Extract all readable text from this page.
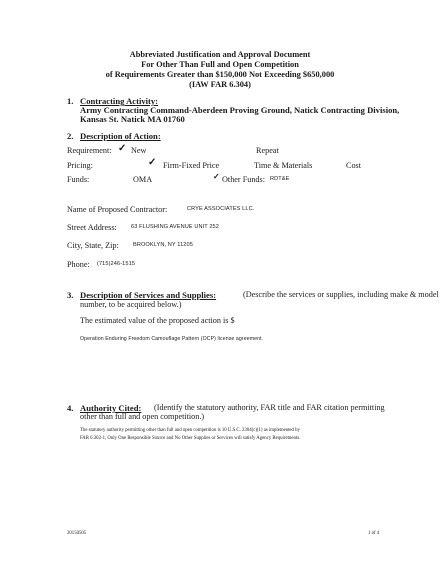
Abbreviated Justification and Approval Document
For Other Than Full and Open Competition
of Requirements Greater than $150,000 Not Exceeding $650,000
(IAW FAR 6.304)
1. Contracting Activity:
Army Contracting Command-Aberdeen Proving Ground, Natick Contracting Division,
Kansas St. Natick MA 01760
2. Description of Action:
Requirement: ✓ New	Repeat
Pricing:	✓ Firm-Fixed Price	Time & Materials	Cost
Funds:	OMA	✓ Other Funds: RDT&E
Name of Proposed Contractor:	CRYE ASSOCIATES LLC.
Street Address:	63 FLUSHING AVENUE UNIT 252
City, State, Zip:	BROOKLYN, NY 11205
Phone: (715)246-1515
3. Description of Services and Supplies:	(Describe the services or supplies, including make & model
number, to be acquired below.)
The estimated value of the proposed action is $
Operation Enduring Freedom Camouflage Pattern (OCP) license agreement.
4. Authority Cited: (Identify the statutory authority, FAR title and FAR citation permitting
other than full and open competition.)
The statutory authority permitting other than full and open competition is 10 U.S.C. 2304(c)(1) as implemented by
FAR 6.302-1, Only One Responsible Source and No Other Supplies or Services will satisfy Agency Requirements.
20150505	1 of 4
